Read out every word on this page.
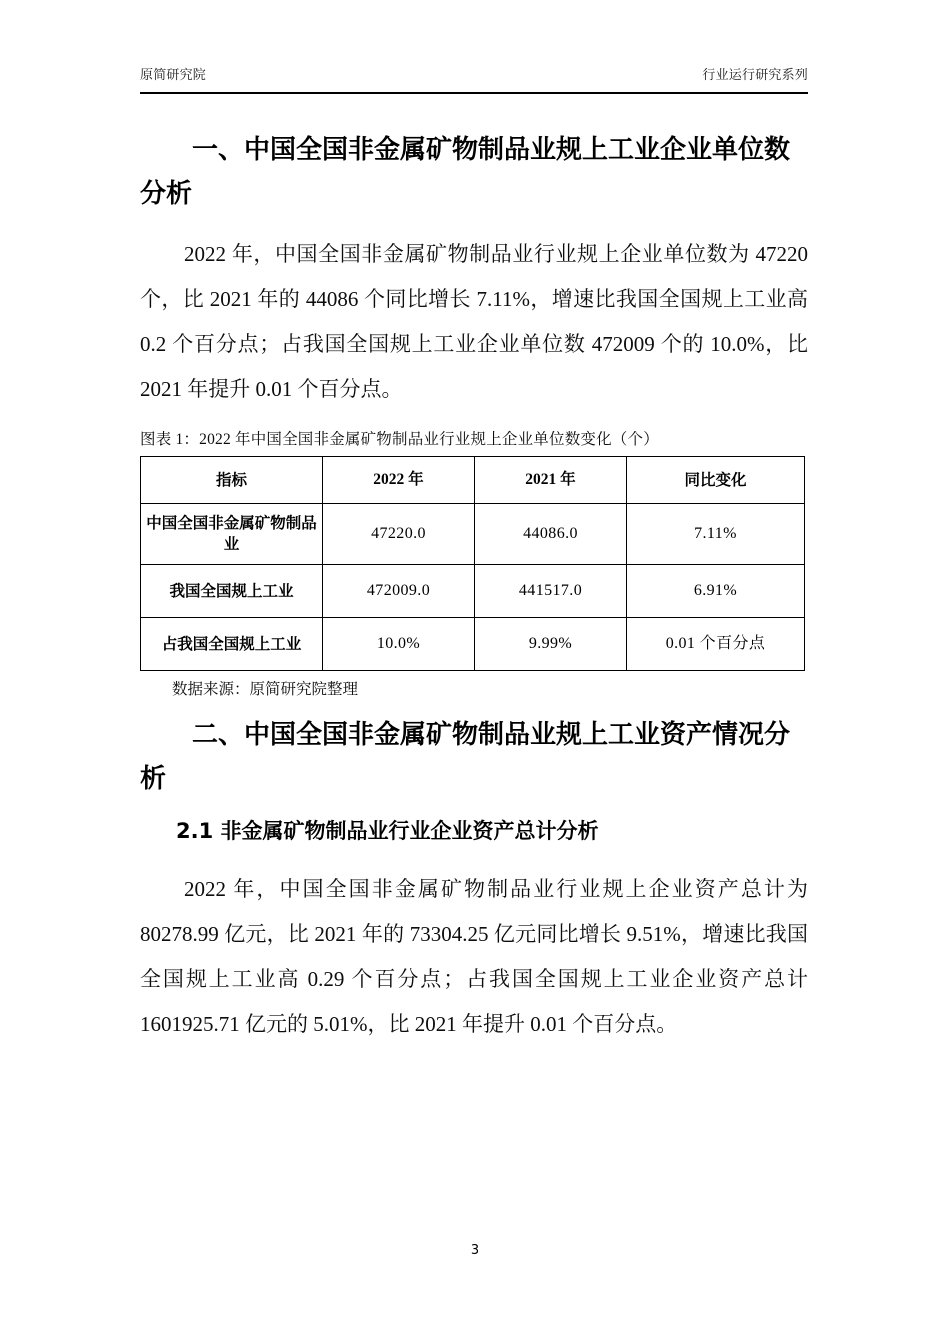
原简研究院	行业运行研究系列
一、中国全国非金属矿物制品业规上工业企业单位数分析

2022 年，中国全国非金属矿物制品业行业规上企业单位数为 47220 个，比 2021 年的 44086 个同比增长 7.11%，增速比我国全国规上工业高 0.2 个百分点；占我国全国规上工业企业单位数 472009 个的 10.0%，比 2021 年提升 0.01 个百分点。

图表 1：2022 年中国全国非金属矿物制品业行业规上企业单位数变化（个）

指标	2022 年	2021 年	同比变化
中国全国非金属矿物制品业	47220.0	44086.0	7.11%
我国全国规上工业	472009.0	441517.0	6.91%
占我国全国规上工业	10.0%	9.99%	0.01 个百分点

数据来源：原简研究院整理

二、中国全国非金属矿物制品业规上工业资产情况分析
2.1 非金属矿物制品业行业企业资产总计分析

2022 年，中国全国非金属矿物制品业行业规上企业资产总计为 80278.99 亿元，比 2021 年的 73304.25 亿元同比增长 9.51%，增速比我国全国规上工业高 0.29 个百分点；占我国全国规上工业企业资产总计 1601925.71 亿元的 5.01%，比 2021 年提升 0.01 个百分点。

3
